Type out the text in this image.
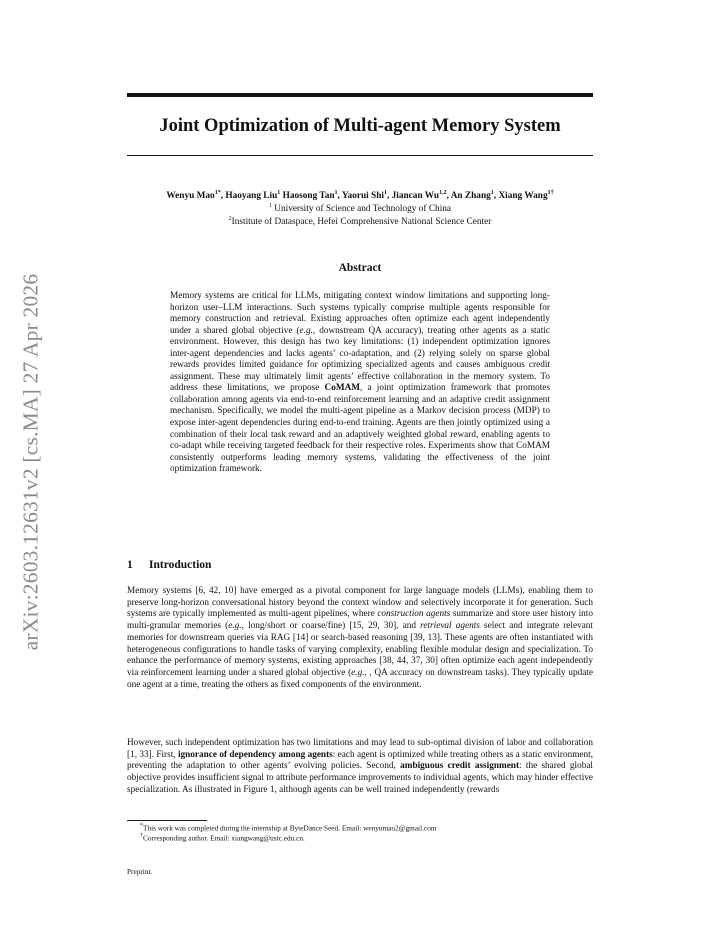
arXiv:2603.12631v2 [cs.MA] 27 Apr 2026
Joint Optimization of Multi-agent Memory System
Wenyu Mao$^{1*}$, Haoyang Liu$^1$ Haosong Tan$^1$, Yaorui Shi$^1$, Jiancan Wu$^{1,2}$, An Zhang$^1$, Xiang Wang$^{1\dagger}$
$^1$ University of Science and Technology of China
$^2$Institute of Dataspace, Hefei Comprehensive National Science Center
Abstract
Memory systems are critical for LLMs, mitigating context window limitations and supporting long-horizon user–LLM interactions. Such systems typically comprise multiple agents responsible for memory construction and retrieval. Existing approaches often optimize each agent independently under a shared global objective (e.g., downstream QA accuracy), treating other agents as a static environment. However, this design has two key limitations: (1) independent optimization ignores inter-agent dependencies and lacks agents’ co-adaptation, and (2) relying solely on sparse global rewards provides limited guidance for optimizing specialized agents and causes ambiguous credit assignment. These may ultimately limit agents’ effective collaboration in the memory system. To address these limitations, we propose CoMAM, a joint optimization framework that promotes collaboration among agents via end-to-end reinforcement learning and an adaptive credit assignment mechanism. Specifically, we model the multi-agent pipeline as a Markov decision process (MDP) to expose inter-agent dependencies during end-to-end training. Agents are then jointly optimized using a combination of their local task reward and an adaptively weighted global reward, enabling agents to co-adapt while receiving targeted feedback for their respective roles. Experiments show that CoMAM consistently outperforms leading memory systems, validating the effectiveness of the joint optimization framework.
1 Introduction
Memory systems [6, 42, 10] have emerged as a pivotal component for large language models (LLMs), enabling them to preserve long-horizon conversational history beyond the context window and selectively incorporate it for generation. Such systems are typically implemented as multi-agent pipelines, where construction agents summarize and store user history into multi-granular memories (e.g., long/short or coarse/fine) [15, 29, 30], and retrieval agents select and integrate relevant memories for downstream queries via RAG [14] or search-based reasoning [39, 13]. These agents are often instantiated with heterogeneous configurations to handle tasks of varying complexity, enabling flexible modular design and specialization. To enhance the performance of memory systems, existing approaches [38, 44, 37, 30] often optimize each agent independently via reinforcement learning under a shared global objective (e.g., , QA accuracy on downstream tasks). They typically update one agent at a time, treating the others as fixed components of the environment.
However, such independent optimization has two limitations and may lead to sub-optimal division of labor and collaboration [1, 33]. First, ignorance of dependency among agents: each agent is optimized while treating others as a static environment, preventing the adaptation to other agents’ evolving policies. Second, ambiguous credit assignment: the shared global objective provides insufficient signal to attribute performance improvements to individual agents, which may hinder effective specialization. As illustrated in Figure 1, although agents can be well trained independently (rewards
*This work was completed during the internship at ByteDance Seed. Email: wenyumao2@gmail.com
†Corresponding author. Email: xiangwang@ustc.edu.cn.
Preprint.
